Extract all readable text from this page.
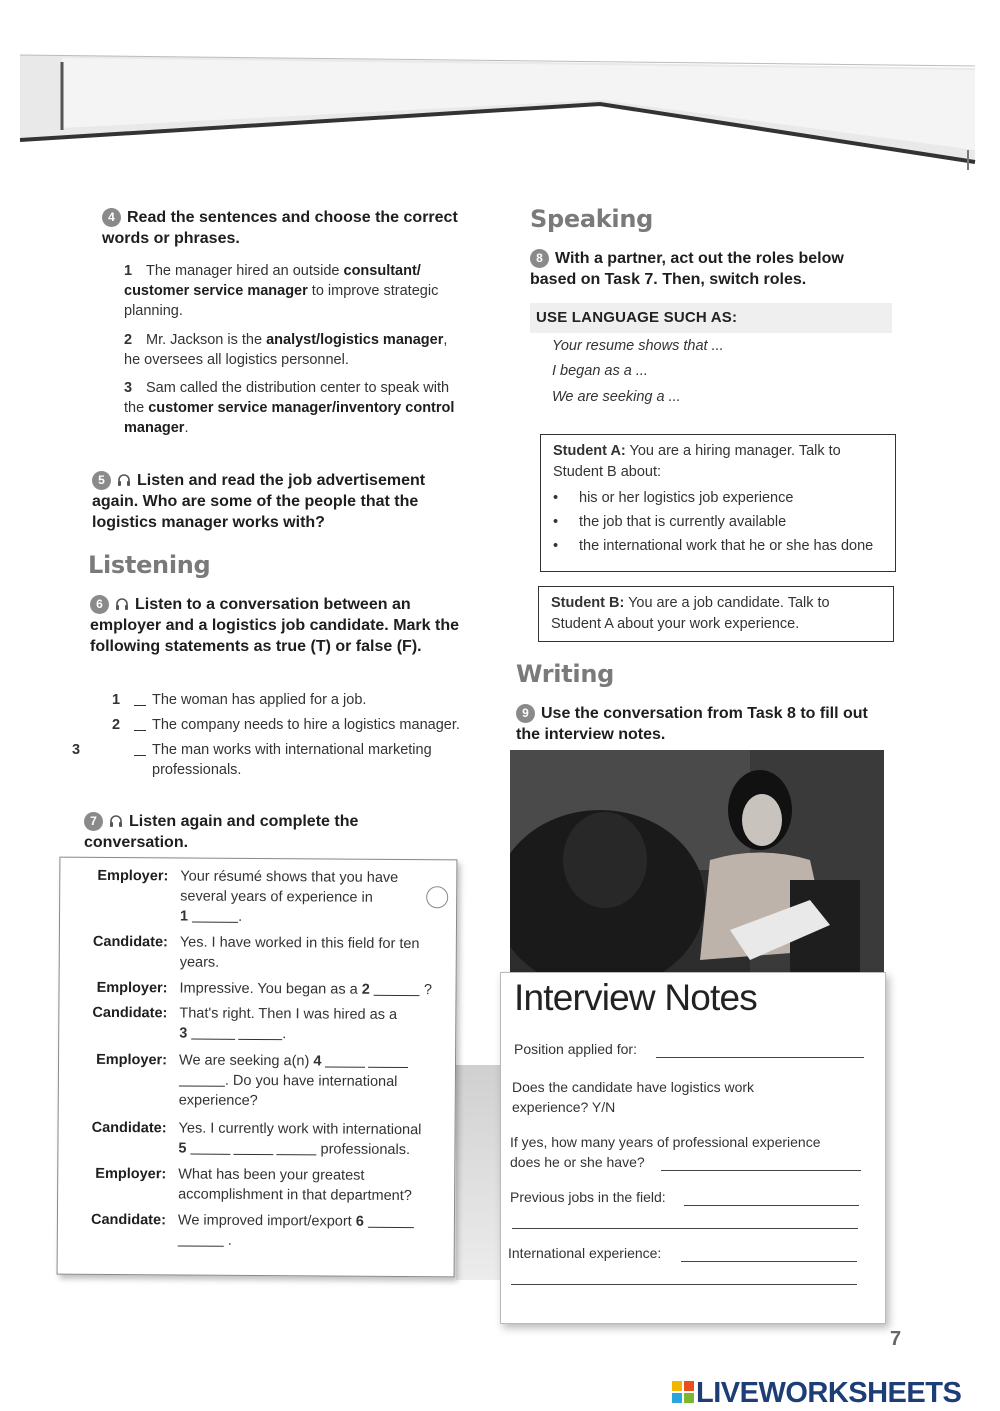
4 Read the sentences and choose the correct words or phrases.
1 The manager hired an outside consultant/ customer service manager to improve strategic planning.
2 Mr. Jackson is the analyst/logistics manager, he oversees all logistics personnel.
3 Sam called the distribution center to speak with the customer service manager/inventory control manager.
5 Listen and read the job advertisement again. Who are some of the people that the logistics manager works with?
Listening
6 Listen to a conversation between an employer and a logistics job candidate. Mark the following statements as true (T) or false (F).
1 The woman has applied for a job.
2 The company needs to hire a logistics manager.
3	The man works with international marketing professionals.
7 Listen again and complete the conversation.
Employer: Your résumé shows that you have
several years of experience in
1	.
Candidate: Yes. I have worked in this field for ten
years.
Employer: Impressive. You began as a 2	?
Candidate: That's right. Then I was hired as a
3	.
Employer: We are seeking a(n) 4
. Do you have international
experience?
Candidate: Yes. I currently work with international
5	professionals.
Employer: What has been your greatest
accomplishment in that department?
Candidate: We improved import/export 6
.
Speaking
8 With a partner, act out the roles below based on Task 7. Then, switch roles.
USE LANGUAGE SUCH AS:
Your resume shows that ...
I began as a ...
We are seeking a ...
Student A: You are a hiring manager. Talk to
Student B about:
• his or her logistics job experience
• the job that is currently available
• the international work that he or she has done
Student B: You are a job candidate. Talk to
Student A about your work experience.
Writing
9 Use the conversation from Task 8 to fill out the interview notes.
Interview Notes
Position applied for:
Does the candidate have logistics work
experience? Y/N
If yes, how many years of professional experience
does he or she have?
Previous jobs in the field:
International experience:
7
LIVEWORKSHEETS
